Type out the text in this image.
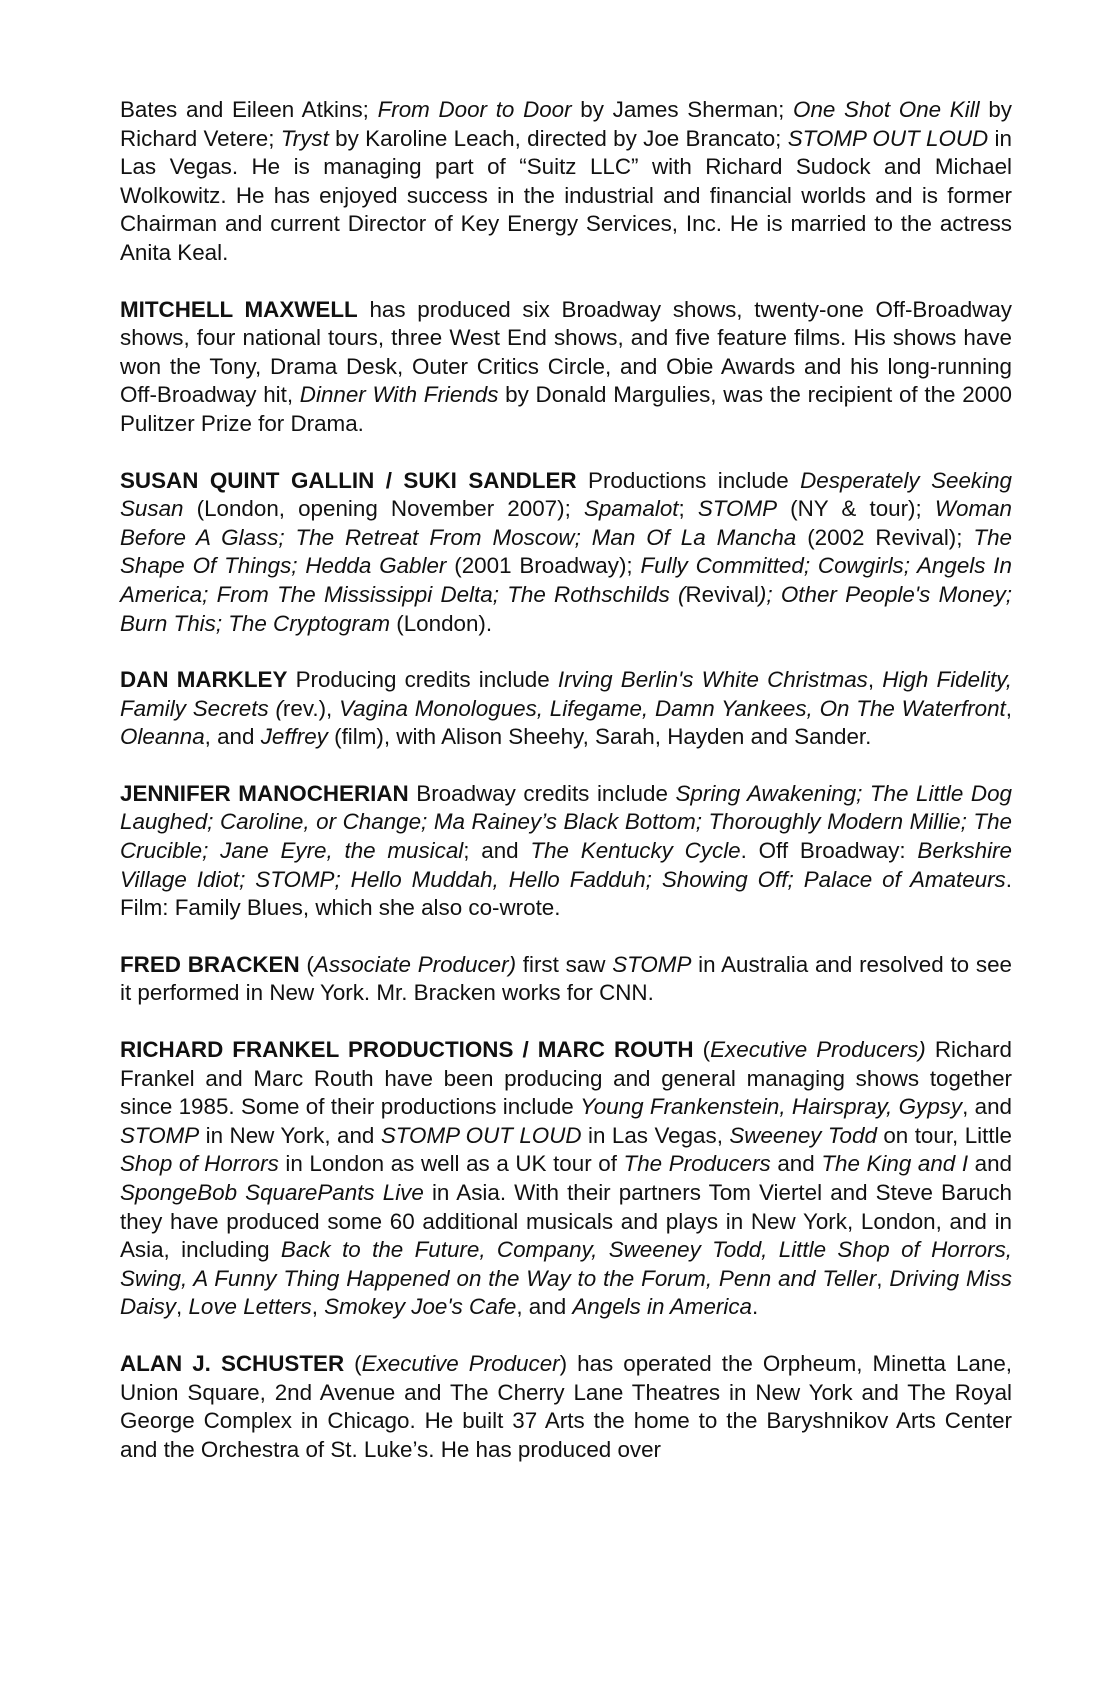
Bates and Eileen Atkins; From Door to Door by James Sherman; One Shot One Kill by Richard Vetere; Tryst by Karoline Leach, directed by Joe Brancato; STOMP OUT LOUD in Las Vegas. He is managing part of “Suitz LLC” with Richard Sudock and Michael Wolkowitz. He has enjoyed success in the industrial and financial worlds and is former Chairman and current Director of Key Energy Services, Inc. He is married to the actress Anita Keal.

MITCHELL MAXWELL has produced six Broadway shows, twenty-one Off-Broadway shows, four national tours, three West End shows, and five feature films. His shows have won the Tony, Drama Desk, Outer Critics Circle, and Obie Awards and his long-running Off-Broadway hit, Dinner With Friends by Donald Margulies, was the recipient of the 2000 Pulitzer Prize for Drama.

SUSAN QUINT GALLIN / SUKI SANDLER Productions include Desperately Seeking Susan (London, opening November 2007); Spamalot; STOMP (NY & tour); Woman Before A Glass; The Retreat From Moscow; Man Of La Mancha (2002 Revival); The Shape Of Things; Hedda Gabler (2001 Broadway); Fully Committed; Cowgirls; Angels In America; From The Mississippi Delta; The Rothschilds (Revival); Other People's Money; Burn This; The Cryptogram (London).

DAN MARKLEY Producing credits include Irving Berlin's White Christmas, High Fidelity, Family Secrets (rev.), Vagina Monologues, Lifegame, Damn Yankees, On The Waterfront, Oleanna, and Jeffrey (film), with Alison Sheehy, Sarah, Hayden and Sander.

JENNIFER MANOCHERIAN Broadway credits include Spring Awakening; The Little Dog Laughed; Caroline, or Change; Ma Rainey’s Black Bottom; Thoroughly Modern Millie; The Crucible; Jane Eyre, the musical; and The Kentucky Cycle. Off Broadway: Berkshire Village Idiot; STOMP; Hello Muddah, Hello Fadduh; Showing Off; Palace of Amateurs. Film: Family Blues, which she also co-wrote.

FRED BRACKEN (Associate Producer) first saw STOMP in Australia and resolved to see it performed in New York. Mr. Bracken works for CNN.

RICHARD FRANKEL PRODUCTIONS / MARC ROUTH (Executive Producers) Richard Frankel and Marc Routh have been producing and general managing shows together since 1985. Some of their productions include Young Frankenstein, Hairspray, Gypsy, and STOMP in New York, and STOMP OUT LOUD in Las Vegas, Sweeney Todd on tour, Little Shop of Horrors in London as well as a UK tour of The Producers and The King and I and SpongeBob SquarePants Live in Asia. With their partners Tom Viertel and Steve Baruch they have produced some 60 additional musicals and plays in New York, London, and in Asia, including Back to the Future, Company, Sweeney Todd, Little Shop of Horrors, Swing, A Funny Thing Happened on the Way to the Forum, Penn and Teller, Driving Miss Daisy, Love Letters, Smokey Joe's Cafe, and Angels in America.

ALAN J. SCHUSTER (Executive Producer) has operated the Orpheum, Minetta Lane, Union Square, 2nd Avenue and The Cherry Lane Theatres in New York and The Royal George Complex in Chicago. He built 37 Arts the home to the Baryshnikov Arts Center and the Orchestra of St. Luke’s. He has produced over
